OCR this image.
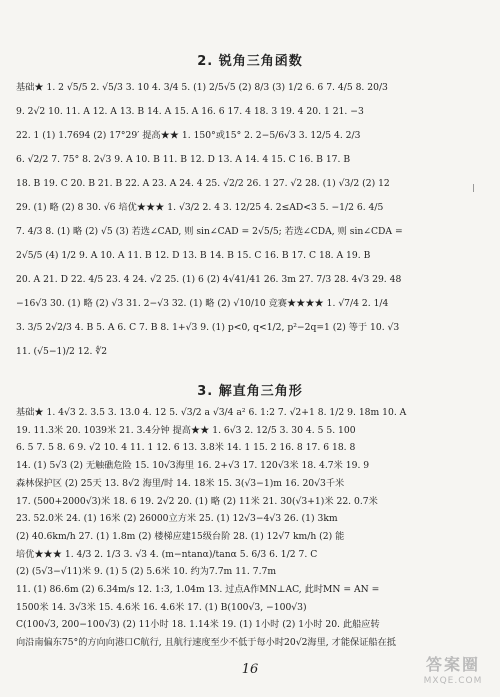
2. 锐角三角函数

基础★ 1. 2 √5/5 2. √5/3 3. 10 4. 3/4 5. (1) 2/5√5 (2) 8/3 (3) 1/2 6. 6 7. 4/5 8. 20/3

9. 2√2 10. 11. A 12. A 13. B 14. A 15. A 16. 6 17. 4 18. 3 19. 4 20. 1 21. −3

22. 1 (1) 1.7694 (2) 17°29′ 提高★★ 1. 150°或15° 2. 2−5/6√3 3. 12/5 4. 2/3

6. √2/2 7. 75° 8. 2√3 9. A 10. B 11. B 12. D 13. A 14. 4 15. C 16. B 17. B

18. B 19. C 20. B 21. B 22. A 23. A 24. 4 25. √2/2 26. 1 27. √2 28. (1) √3/2 (2) 12

29. (1) 略 (2) 8 30. √6 培优★★★ 1. √3/2 2. 4 3. 12/25 4. 2≤AD<3 5. −1/2 6. 4/5

7. 4/3 8. (1) 略 (2) √5 (3) 若选∠CAD, 则 sin∠CAD = 2√5/5; 若选∠CDA, 则 sin∠CDA =

2√5/5 (4) 1/2 9. A 10. A 11. B 12. D 13. B 14. B 15. C 16. B 17. C 18. A 19. B

20. A 21. D 22. 4/5 23. 4 24. √2 25. (1) 6 (2) 4√41/41 26. 3m 27. 7/3 28. 4√3 29. 48

−16√3 30. (1) 略 (2) √3 31. 2−√3 32. (1) 略 (2) √10/10 竞赛★★★★ 1. √7/4 2. 1/4

3. 3/5 2√2/3 4. B 5. A 6. C 7. B 8. 1+√3 9. (1) p<0, q<1/2, p²−2q=1 (2) 等于 10. √3

11. (√5−1)/2 12. ∜2

3. 解直角三角形

基础★ 1. 4√3 2. 3.5 3. 13.0 4. 12 5. √3/2 a √3/4 a² 6. 1:2 7. √2+1 8. 1/2 9. 18m 10. A

19. 11.3米 20. 1039米 21. 3.4分钟 提高★★ 1. 6√3 2. 12/5 3. 30 4. 5 5. 100

6. 5 7. 5 8. 6 9. √2 10. 4 11. 1 12. 6 13. 3.8米 14. 1 15. 2 16. 8 17. 6 18. 8

14. (1) 5√3 (2) 无触礁危险 15. 10√3海里 16. 2+√3 17. 120√3米 18. 4.7米 19. 9

森林保护区 (2) 25天 13. 8√2 海里/时 14. 18米 15. 3(√3−1)m 16. 20√3千米

17. (500+2000√3)米 18. 6 19. 2√2 20. (1) 略 (2) 11米 21. 30(√3+1)米 22. 0.7米

23. 52.0米 24. (1) 16米 (2) 26000立方米 25. (1) 12√3−4√3 26. (1) 3km

(2) 40.6km/h 27. (1) 1.8m (2) 楼梯应建15级台阶 28. (1) 12√7 km/h (2) 能

培优★★★ 1. 4/3 2. 1/3 3. √3 4. (m−ntanα)/tanα 5. 6/3 6. 1/2 7. C

(2) (5√3−√11)米 9. (1) 5 (2) 5.6米 10. 约为7.7m 11. 7.7m

11. (1) 86.6m (2) 6.34m/s 12. 1:3, 1.04m 13. 过点A作MN⊥AC, 此时MN = AN =

1500米 14. 3√3米 15. 4.6米 16. 4.6米 17. (1) B(100√3, −100√3)

C(100√3, 200−100√3) (2) 11小时 18. 1.14米 19. (1) 1小时 (2) 1小时 20. 此船应转

向沿南偏东75°的方向向港口C航行, 且航行速度至少不低于每小时20√2海里, 才能保证船在抵

16	答案圈
MXQE.COM
